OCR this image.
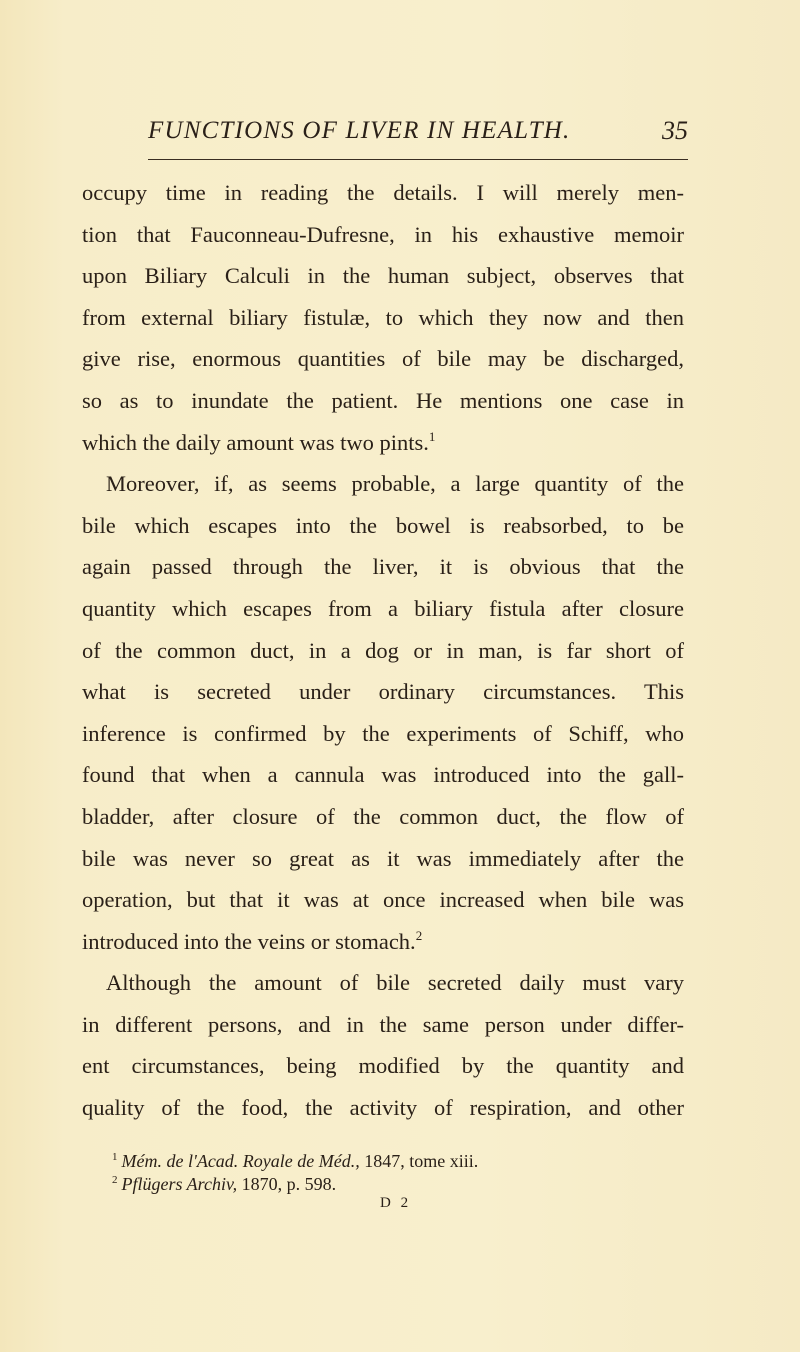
FUNCTIONS OF LIVER IN HEALTH.	35
occupy time in reading the details. I will merely men-
tion that Fauconneau-Dufresne, in his exhaustive memoir
upon Biliary Calculi in the human subject, observes that
from external biliary fistulæ, to which they now and then
give rise, enormous quantities of bile may be discharged,
so as to inundate the patient. He mentions one case in
which the daily amount was two pints.$^1$
Moreover, if, as seems probable, a large quantity of the
bile which escapes into the bowel is reabsorbed, to be
again passed through the liver, it is obvious that the
quantity which escapes from a biliary fistula after closure
of the common duct, in a dog or in man, is far short of
what is secreted under ordinary circumstances. This
inference is confirmed by the experiments of Schiff, who
found that when a cannula was introduced into the gall-
bladder, after closure of the common duct, the flow of
bile was never so great as it was immediately after the
operation, but that it was at once increased when bile was
introduced into the veins or stomach.$^2$
Although the amount of bile secreted daily must vary
in different persons, and in the same person under differ-
ent circumstances, being modified by the quantity and
quality of the food, the activity of respiration, and other
$^1$ Mém. de l'Acad. Royale de Méd., 1847, tome xiii.
$^2$ Pflügers Archiv, 1870, p. 598.
D 2
